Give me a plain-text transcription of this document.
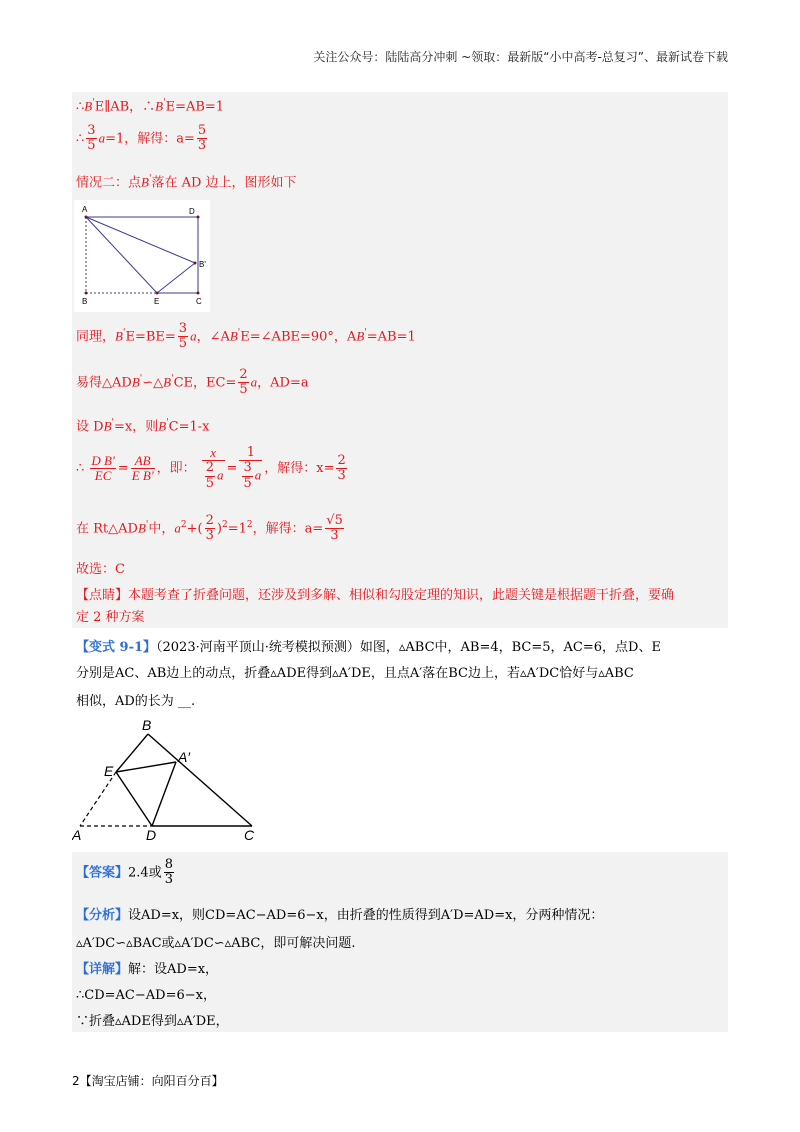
关注公众号：陆陆高分冲刺 ~领取：最新版“小中高考-总复习”、最新试卷下载
∴B'E∥AB，∴B'E=AB=1
∴ $\frac{3}{5} a=1$，解得：$a= \frac{5}{3}$
情况二：点B'落在 AD 边上，图形如下
A	D
B'
B	E	C
同理，$B'E=BE= \frac{3}{5}$ a，∠AB'E=∠ABE=90°，AB'=AB=1
易得△ADB'∽△B'CE，$EC= \frac{2}{5}$ a，AD=a
设 DB'=x，则B'C=1-x
∴ $\frac{\text{D B'}}{EC} = \frac{AB}{\text{E B'}}$ ，即： $\frac{x}{\frac{2}{5} a} = \frac{1}{\frac{3}{5} a}$ ，解得：$x= \frac{2}{3}$
在 Rt△ADB'中，$a^2+( \frac{2}{3} )^2=1^2$，解得：$a= \frac{√5}{3}$
故选：C
【点睛】本题考查了折叠问题，还涉及到多解、相似和勾股定理的知识，此题关键是根据题干折叠，要确
定 2 种方案
【变式 9-1】（2023·河南平顶山·统考模拟预测）如图，▵ABC中，AB=4，BC=5，AC=6，点D、E
分别是AC、AB边上的动点，折叠▵ADE得到▵A′DE，且点A′落在BC边上，若▵A′DC恰好与▵ABC
相似，AD的长为 __.
B
A′
E
A	D	C
【答案】2.4或 $\frac{8}{3}$
【分析】设AD=x，则CD=AC−AD=6−x，由折叠的性质得到A′D=AD=x，分两种情况：
▵A′DC∽▵BAC或▵A′DC∽▵ABC，即可解决问题.
【详解】解：设AD=x，
∴CD=AC−AD=6−x，
∵折叠▵ADE得到▵A′DE，
2【淘宝店铺：向阳百分百】
